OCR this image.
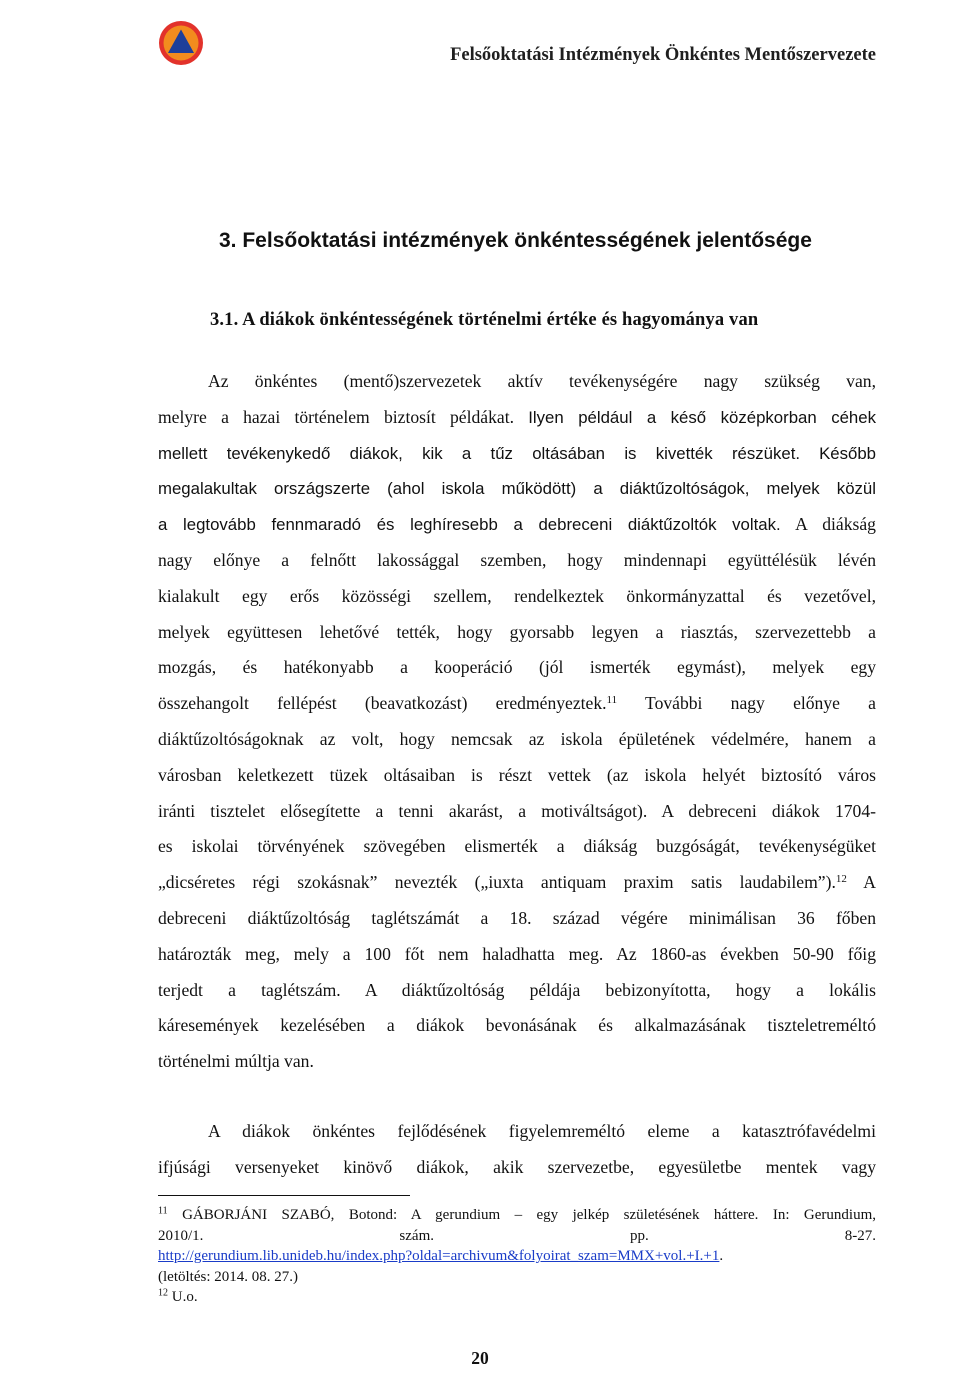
Felsőoktatási Intézmények Önkéntes Mentőszervezete
3. Felsőoktatási intézmények önkéntességének jelentősége
3.1. A diákok önkéntességének történelmi értéke és hagyománya van
Az önkéntes (mentő)szervezetek aktív tevékenységére nagy szükség van,
melyre a hazai történelem biztosít példákat. Ilyen például a késő középkorban céhek
mellett tevékenykedő diákok, kik a tűz oltásában is kivették részüket. Később
megalakultak országszerte (ahol iskola működött) a diáktűzoltóságok, melyek közül
a legtovább fennmaradó és leghíresebb a debreceni diáktűzoltók voltak. A diákság
nagy előnye a felnőtt lakossággal szemben, hogy mindennapi együttélésük lévén
kialakult egy erős közösségi szellem, rendelkeztek önkormányzattal és vezetővel,
melyek együttesen lehetővé tették, hogy gyorsabb legyen a riasztás, szervezettebb a
mozgás, és hatékonyabb a kooperáció (jól ismerték egymást), melyek egy
összehangolt fellépést (beavatkozást) eredményeztek.$^{11}$ További nagy előnye a
diáktűzoltóságoknak az volt, hogy nemcsak az iskola épületének védelmére, hanem a
városban keletkezett tüzek oltásaiban is részt vettek (az iskola helyét biztosító város
iránti tisztelet elősegítette a tenni akarást, a motiváltságot). A debreceni diákok 1704-
es iskolai törvényének szövegében elismerték a diákság buzgóságát, tevékenységüket
„dicséretes régi szokásnak” nevezték („iuxta antiquam praxim satis laudabilem”).$^{12}$ A
debreceni diáktűzoltóság taglétszámát a 18. század végére minimálisan 36 főben
határozták meg, mely a 100 főt nem haladhatta meg. Az 1860-as években 50-90 főig
terjedt a taglétszám. A diáktűzoltóság példája bebizonyította, hogy a lokális
káresemények kezelésében a diákok bevonásának és alkalmazásának tiszteletreméltó
történelmi múltja van.
A diákok önkéntes fejlődésének figyelemreméltó eleme a katasztrófavédelmi
ifjúsági versenyeket kinövő diákok, akik szervezetbe, egyesületbe mentek vagy
$^{11}$ GÁBORJÁNI SZABÓ, Botond: A gerundium – egy jelkép születésének háttere. In: Gerundium,
2010/1. szám. pp. 8-27.
http://gerundium.lib.unideb.hu/index.php?oldal=archivum&folyoirat_szam=MMX+vol.+I.+1.
(letöltés: 2014. 08. 27.)
$^{12}$ U.o.
20
